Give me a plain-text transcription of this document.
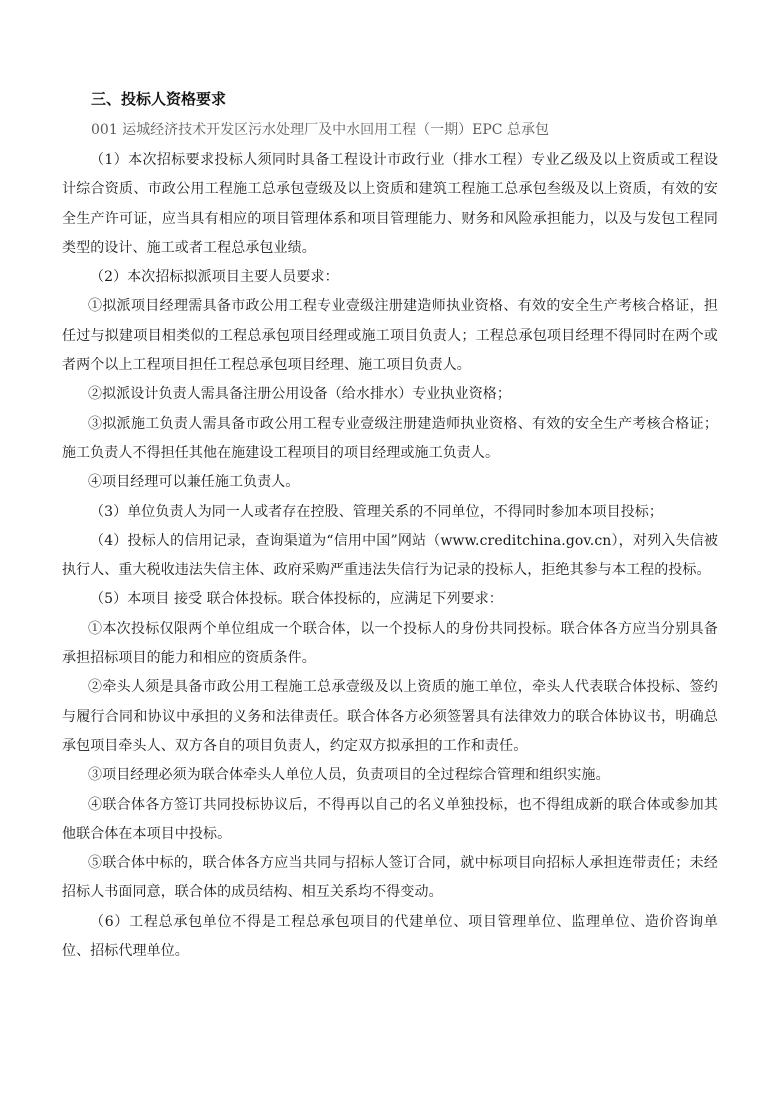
三、投标人资格要求
001 运城经济技术开发区污水处理厂及中水回用工程（一期）EPC 总承包

（1）本次招标要求投标人须同时具备工程设计市政行业（排水工程）专业乙级及以上资质或工程设计综合资质、市政公用工程施工总承包壹级及以上资质和建筑工程施工总承包叁级及以上资质，有效的安全生产许可证，应当具有相应的项目管理体系和项目管理能力、财务和风险承担能力，以及与发包工程同类型的设计、施工或者工程总承包业绩。

（2）本次招标拟派项目主要人员要求：

①拟派项目经理需具备市政公用工程专业壹级注册建造师执业资格、有效的安全生产考核合格证，担任过与拟建项目相类似的工程总承包项目经理或施工项目负责人；工程总承包项目经理不得同时在两个或者两个以上工程项目担任工程总承包项目经理、施工项目负责人。

②拟派设计负责人需具备注册公用设备（给水排水）专业执业资格；

③拟派施工负责人需具备市政公用工程专业壹级注册建造师执业资格、有效的安全生产考核合格证；施工负责人不得担任其他在施建设工程项目的项目经理或施工负责人。

④项目经理可以兼任施工负责人。

（3）单位负责人为同一人或者存在控股、管理关系的不同单位，不得同时参加本项目投标；

（4）投标人的信用记录，查询渠道为“信用中国”网站（www.creditchina.gov.cn），对列入失信被执行人、重大税收违法失信主体、政府采购严重违法失信行为记录的投标人，拒绝其参与本工程的投标。

（5）本项目 接受 联合体投标。联合体投标的，应满足下列要求：

①本次投标仅限两个单位组成一个联合体，以一个投标人的身份共同投标。联合体各方应当分别具备承担招标项目的能力和相应的资质条件。

②牵头人须是具备市政公用工程施工总承壹级及以上资质的施工单位，牵头人代表联合体投标、签约与履行合同和协议中承担的义务和法律责任。联合体各方必须签署具有法律效力的联合体协议书，明确总承包项目牵头人、双方各自的项目负责人，约定双方拟承担的工作和责任。

③项目经理必须为联合体牵头人单位人员，负责项目的全过程综合管理和组织实施。

④联合体各方签订共同投标协议后，不得再以自己的名义单独投标，也不得组成新的联合体或参加其他联合体在本项目中投标。

⑤联合体中标的，联合体各方应当共同与招标人签订合同，就中标项目向招标人承担连带责任；未经招标人书面同意，联合体的成员结构、相互关系均不得变动。

（6）工程总承包单位不得是工程总承包项目的代建单位、项目管理单位、监理单位、造价咨询单位、招标代理单位。
